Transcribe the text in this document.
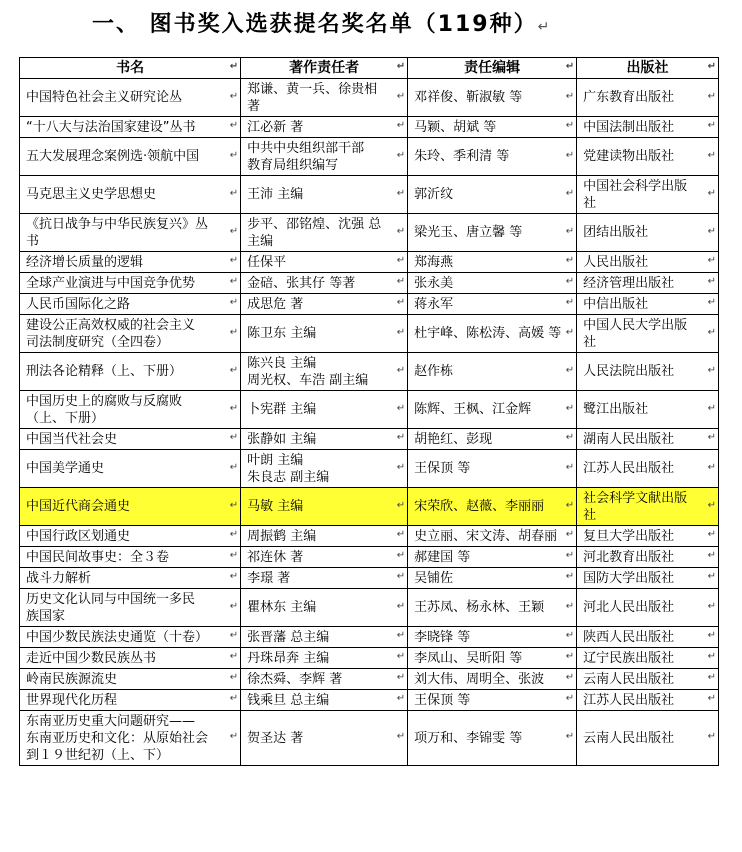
一、 图书奖入选获提名奖名单（119种）↵
书名 ↵	著作责任者 ↵	责任编辑 ↵	出版社 ↵

中国特色社会主义研究论丛 ↵	郑谦、黄一兵、徐贵相
著
↵	邓祥俊、靳淑敏 等 ↵	广东教育出版社 ↵

“十八大与法治国家建设”丛书 ↵	江必新 著 ↵	马颖、胡斌 等 ↵	中国法制出版社 ↵

五大发展理念案例选·领航中国 ↵	中共中央组织部干部
教育局组织编写
↵	朱玲、季利清 等 ↵	党建读物出版社 ↵

马克思主义史学思想史 ↵	王沛 主编 ↵	郭沂纹 ↵	中国社会科学出版
社
↵

《抗日战争与中华民族复兴》丛
书
↵	步平、邵铭煌、沈强 总
主编
↵	梁光玉、唐立馨 等 ↵	团结出版社 ↵

经济增长质量的逻辑 ↵	任保平 ↵	郑海燕 ↵	人民出版社 ↵

全球产业演进与中国竞争优势 ↵	金碚、张其仔 等著 ↵	张永美 ↵	经济管理出版社 ↵

人民币国际化之路 ↵	成思危 著 ↵	蒋永军 ↵	中信出版社 ↵

建设公正高效权威的社会主义
司法制度研究（全四卷）
↵	陈卫东 主编 ↵	杜宇峰、陈松涛、高媛 等 ↵	中国人民大学出版
社
↵

刑法各论精释（上、下册） ↵	陈兴良 主编
周光权、车浩 副主编
↵	赵作栋 ↵	人民法院出版社 ↵

中国历史上的腐败与反腐败
（上、下册）
↵	卜宪群 主编 ↵	陈辉、王枫、江金辉 ↵	鹭江出版社 ↵

中国当代社会史 ↵	张静如 主编 ↵	胡艳红、彭现 ↵	湖南人民出版社 ↵

中国美学通史 ↵	叶朗 主编
朱良志 副主编
↵	王保顶 等 ↵	江苏人民出版社 ↵

中国近代商会通史 ↵	马敏 主编 ↵	宋荣欣、赵薇、李丽丽 ↵	社会科学文献出版
社
↵

中国行政区划通史 ↵	周振鹤 主编 ↵	史立丽、宋文涛、胡春丽 ↵	复旦大学出版社 ↵

中国民间故事史：全３卷 ↵	祁连休 著 ↵	郝建国 等 ↵	河北教育出版社 ↵

战斗力解析 ↵	李璟 著 ↵	吴铺佐 ↵	国防大学出版社 ↵

历史文化认同与中国统一多民
族国家
↵	瞿林东 主编 ↵	王苏凤、杨永林、王颖 ↵	河北人民出版社 ↵

中国少数民族法史通览（十卷） ↵	张晋藩 总主编 ↵	李晓锋 等 ↵	陕西人民出版社 ↵

走近中国少数民族丛书 ↵	丹珠昂奔 主编 ↵	李凤山、吴昕阳 等 ↵	辽宁民族出版社 ↵

岭南民族源流史 ↵	徐杰舜、李辉 著 ↵	刘大伟、周明全、张波 ↵	云南人民出版社 ↵

世界现代化历程 ↵	钱乘旦 总主编 ↵	王保顶 等 ↵	江苏人民出版社 ↵

东南亚历史重大问题研究——
东南亚历史和文化：从原始社会
到１９世纪初（上、下）
↵	贺圣达 著 ↵	项万和、李锦雯 等 ↵	云南人民出版社 ↵
